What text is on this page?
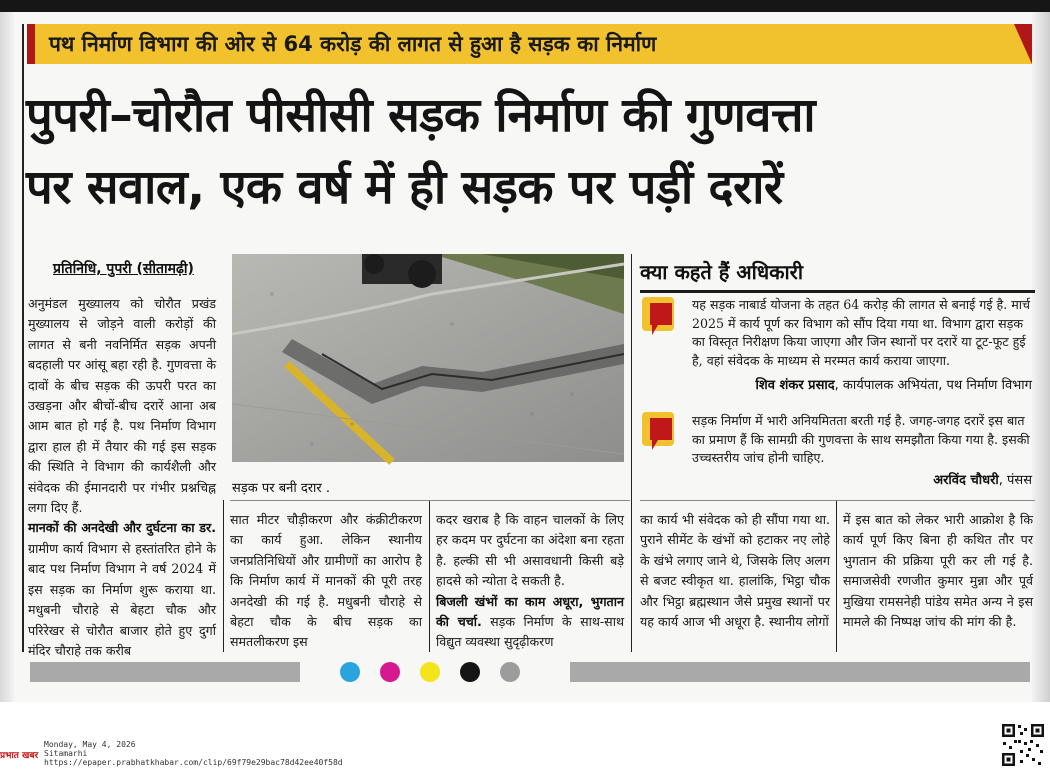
पथ निर्माण विभाग की ओर से 64 करोड़ की लागत से हुआ है सड़क का निर्माण
पुपरी–चोरौत पीसीसी सड़क निर्माण की गुणवत्ता
पर सवाल, एक वर्ष में ही सड़क पर पड़ीं दरारें
प्रतिनिधि, पुपरी (सीतामढ़ी)
अनुमंडल मुख्यालय को चोरौत प्रखंड मुख्यालय से जोड़ने वाली करोड़ों की लागत से बनी नवनिर्मित सड़क अपनी बदहाली पर आंसू बहा रही है. गुणवत्ता के दावों के बीच सड़क की ऊपरी परत का उखड़ना और बीचों-बीच दरारें आना अब आम बात हो गई है. पथ निर्माण विभाग द्वारा हाल ही में तैयार की गई इस सड़क की स्थिति ने विभाग की कार्यशैली और संवेदक की ईमानदारी पर गंभीर प्रश्नचिह्न लगा दिए हैं.
मानकों की अनदेखी और दुर्घटना का डर. ग्रामीण कार्य विभाग से हस्तांतरित होने के बाद पथ निर्माण विभाग ने वर्ष 2024 में इस सड़क का निर्माण शुरू कराया था. मधुबनी चौराहे से बेहटा चौक और परिरेखर से चोरौत बाजार होते हुए दुर्गा मंदिर चौराहे तक करीब
सड़क पर बनी दरार .
सात मीटर चौड़ीकरण और कंक्रीटीकरण का कार्य हुआ. लेकिन स्थानीय जनप्रतिनिधियों और ग्रामीणों का आरोप है कि निर्माण कार्य में मानकों की पूरी तरह अनदेखी की गई है. मधुबनी चौराहे से बेहटा चौक के बीच सड़क का समतलीकरण इस
कदर खराब है कि वाहन चालकों के लिए हर कदम पर दुर्घटना का अंदेशा बना रहता है. हल्की सी भी असावधानी किसी बड़े हादसे को न्योता दे सकती है.
बिजली खंभों का काम अधूरा, भुगतान की चर्चा. सड़क निर्माण के साथ-साथ विद्युत व्यवस्था सुदृढ़ीकरण
का कार्य भी संवेदक को ही सौंपा गया था. पुराने सीमेंट के खंभों को हटाकर नए लोहे के खंभे लगाए जाने थे, जिसके लिए अलग से बजट स्वीकृत था. हालांकि, भिट्ठा चौक और भिट्ठा ब्रह्मस्थान जैसे प्रमुख स्थानों पर यह कार्य आज भी अधूरा है. स्थानीय लोगों
में इस बात को लेकर भारी आक्रोश है कि कार्य पूर्ण किए बिना ही कथित तौर पर भुगतान की प्रक्रिया पूरी कर ली गई है. समाजसेवी रणजीत कुमार मुन्ना और पूर्व मुखिया रामसनेही पांडेय समेत अन्य ने इस मामले की निष्पक्ष जांच की मांग की है.
क्या कहते हैं अधिकारी
यह सड़क नाबार्ड योजना के तहत 64 करोड़ की लागत से बनाई गई है. मार्च 2025 में कार्य पूर्ण कर विभाग को सौंप दिया गया था. विभाग द्वारा सड़क का विस्तृत निरीक्षण किया जाएगा और जिन स्थानों पर दरारें या टूट-फूट हुई है, वहां संवेदक के माध्यम से मरम्मत कार्य कराया जाएगा.
शिव शंकर प्रसाद, कार्यपालक अभियंता, पथ निर्माण विभाग
सड़क निर्माण में भारी अनियमितता बरती गई है. जगह-जगह दरारें इस बात का प्रमाण हैं कि सामग्री की गुणवत्ता के साथ समझौता किया गया है. इसकी उच्चस्तरीय जांच होनी चाहिए.
अरविंद चौधरी, पंसस
प्रभात खबर
Monday, May 4, 2026
Sitamarhi
https://epaper.prabhatkhabar.com/clip/69f79e29bac78d42ee40f58d
